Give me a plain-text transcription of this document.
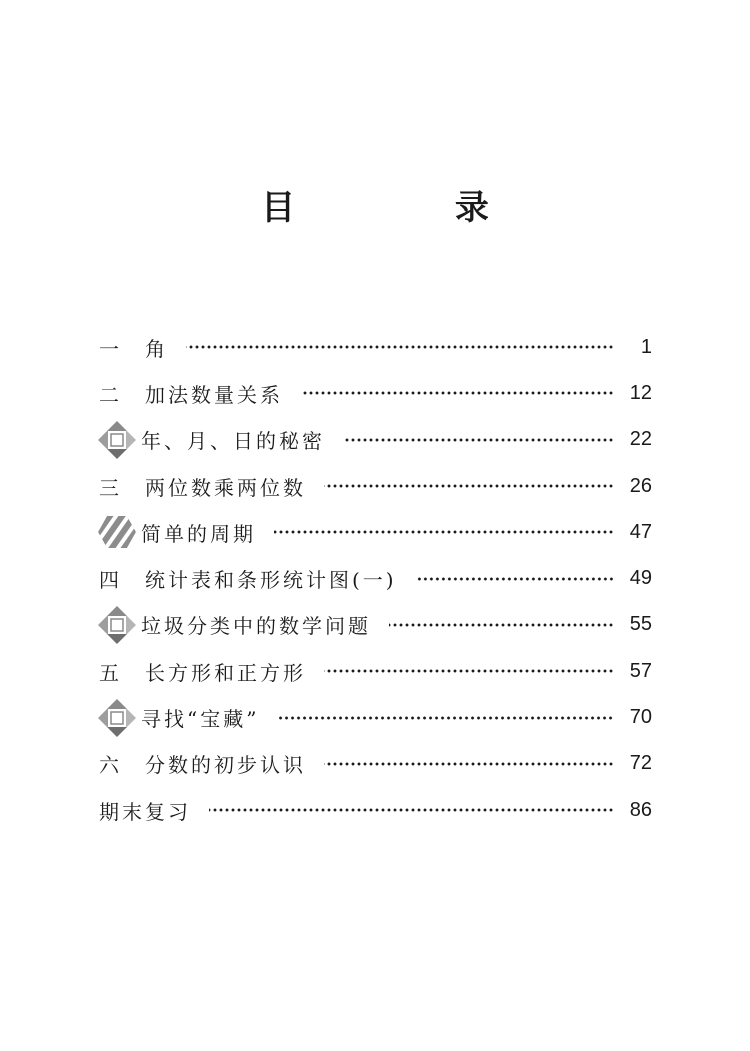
目 录
一	角	1
二	加法数量关系	12
年、月、日的秘密	22
三	两位数乘两位数	26
简单的周期	47
四	统计表和条形统计图(一)	49
垃圾分类中的数学问题	55
五	长方形和正方形	57
寻找“宝藏”	70
六	分数的初步认识	72
期末复习	86
